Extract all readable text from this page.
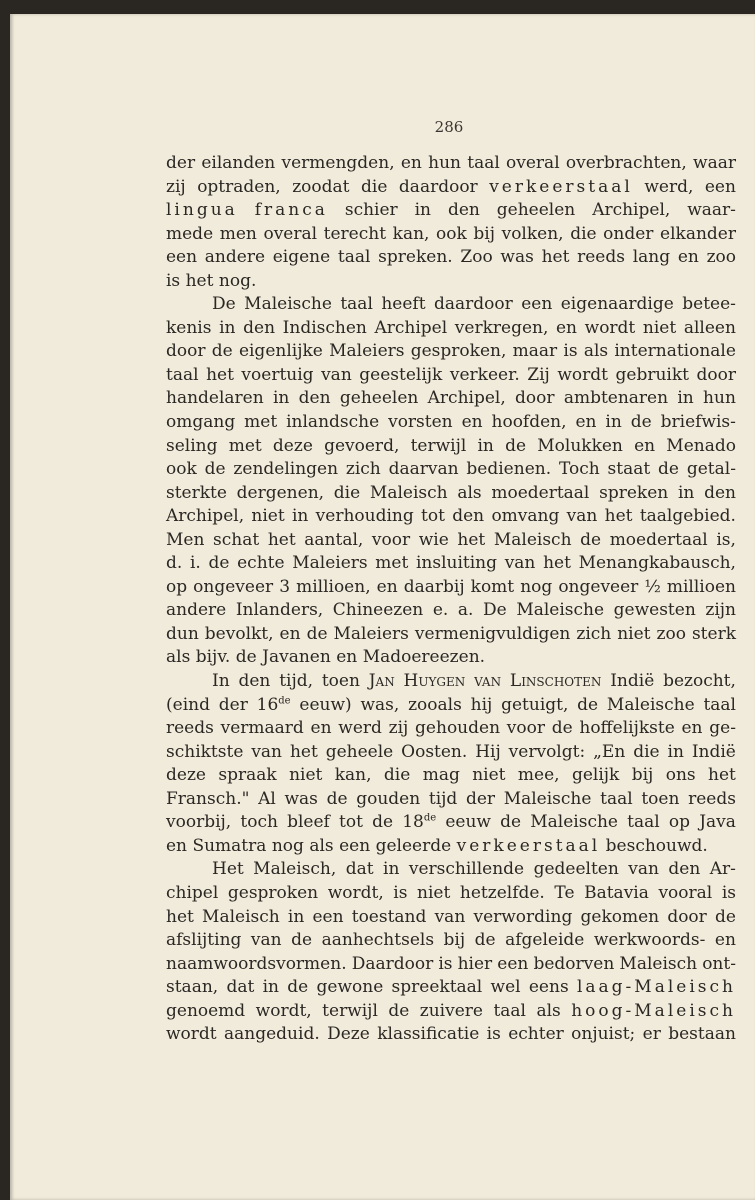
286
der eilanden vermengden, en hun taal overal overbrachten, waar
zij optraden, zoodat die daardoor verkeerstaal werd, een
lingua franca schier in den geheelen Archipel, waar-
mede men overal terecht kan, ook bij volken, die onder elkander
een andere eigene taal spreken. Zoo was het reeds lang en zoo
is het nog.
De Maleische taal heeft daardoor een eigenaardige betee-
kenis in den Indischen Archipel verkregen, en wordt niet alleen
door de eigenlijke Maleiers gesproken, maar is als internationale
taal het voertuig van geestelijk verkeer. Zij wordt gebruikt door
handelaren in den geheelen Archipel, door ambtenaren in hun
omgang met inlandsche vorsten en hoofden, en in de briefwis-
seling met deze gevoerd, terwijl in de Molukken en Menado
ook de zendelingen zich daarvan bedienen. Toch staat de getal-
sterkte dergenen, die Maleisch als moedertaal spreken in den
Archipel, niet in verhouding tot den omvang van het taalgebied.
Men schat het aantal, voor wie het Maleisch de moedertaal is,
d. i. de echte Maleiers met insluiting van het Menangkabausch,
op ongeveer 3 millioen, en daarbij komt nog ongeveer ½ millioen
andere Inlanders, Chineezen e. a. De Maleische gewesten zijn
dun bevolkt, en de Maleiers vermenigvuldigen zich niet zoo sterk
als bijv. de Javanen en Madoereezen.
In den tijd, toen Jan Huygen van Linschoten Indië bezocht,
(eind der 16de eeuw) was, zooals hij getuigt, de Maleische taal
reeds vermaard en werd zij gehouden voor de hoffelijkste en ge-
schiktste van het geheele Oosten. Hij vervolgt: „En die in Indië
deze spraak niet kan, die mag niet mee, gelijk bij ons het
Fransch." Al was de gouden tijd der Maleische taal toen reeds
voorbij, toch bleef tot de 18de eeuw de Maleische taal op Java
en Sumatra nog als een geleerde verkeerstaal beschouwd.
Het Maleisch, dat in verschillende gedeelten van den Ar-
chipel gesproken wordt, is niet hetzelfde. Te Batavia vooral is
het Maleisch in een toestand van verwording gekomen door de
afslijting van de aanhechtsels bij de afgeleide werkwoords- en
naamwoordsvormen. Daardoor is hier een bedorven Maleisch ont-
staan, dat in de gewone spreektaal wel eens laag-Maleisch
genoemd wordt, terwijl de zuivere taal als hoog-Maleisch
wordt aangeduid. Deze klassificatie is echter onjuist; er bestaan
